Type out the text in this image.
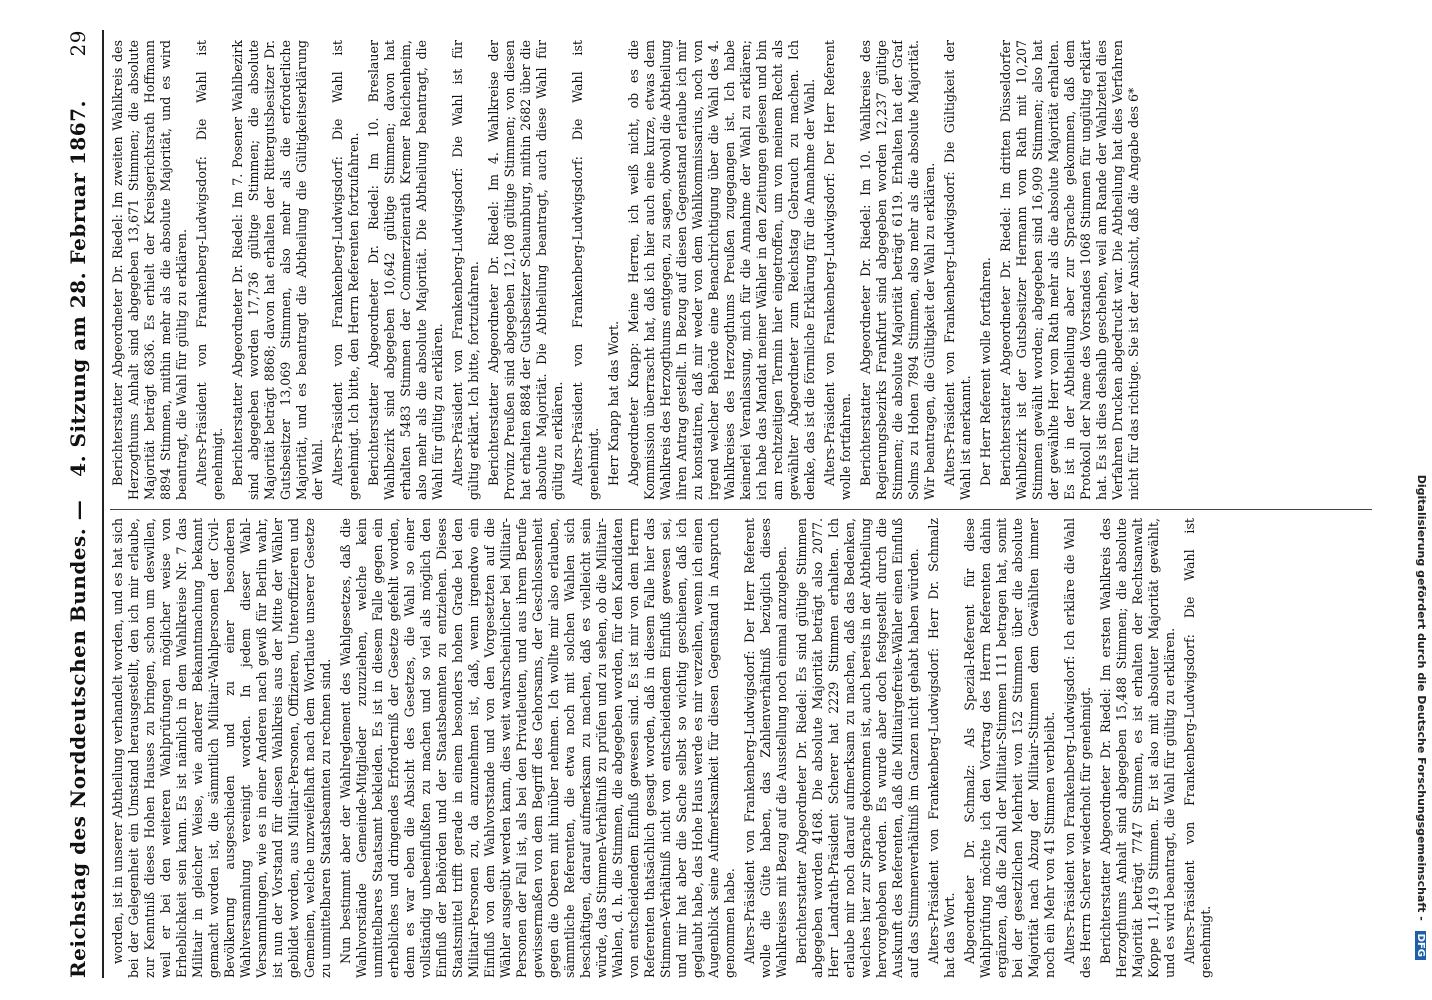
Reichstag des Norddeutschen Bundes. —
4. Sitzung am 28. Februar 1867.
29

worden, ist in unserer Abtheilung verhandelt worden, und es hat sich bei der Gelegenheit ein Umstand herausgestellt, den ich mir erlaube, zur Kenntniß dieses Hohen Hauses zu bringen, schon um deswillen, weil er bei den weiteren Wahlprüfungen möglicher weise von Erheblichkeit sein kann. Es ist nämlich in dem Wahlkreise Nr. 7 das Militair in gleicher Weise, wie anderer Bekanntmachung bekannt gemacht worden ist, die sämmtlich Militair-Wahlpersonen der Civil-Bevölkerung ausgeschieden und zu einer besonderen Wahlversammlung vereinigt worden. In jedem dieser Wahl-Versammlungen, wie es in einer Anderen nach gewiß für Berlin wahr, ist nun der Vorstand für diesen Wahlkreis aus der Mitte der Wähler gebildet worden, aus Militair-Personen, Offizieren, Unteroffizieren und Gemeinen, welche unzweifelhaft nach dem Wortlaute unserer Gesetze zu unmittelbaren Staatsbeamten zu rechnen sind. Nun bestimmt aber der Wahlreglement des Wahlgesetzes, daß die Wahlvorstände Gemeinde-Mitglieder zuzuziehen, welche kein unmittelbares Staatsamt bekleiden. Es ist in diesem Falle gegen ein erhebliches und dringendes Erforderniß der Gesetze gefehlt worden, denn es war eben die Absicht des Gesetzes, die Wahl so einer vollständig unbeeinflußten zu machen und so viel als möglich den Einfluß der Behörden und der Staatsbeamten zu entziehen. Dieses Staatsmittel trifft gerade in einem besonders hohen Grade bei den Militair-Personen zu, da anzunehmen ist, daß, wenn irgendwo ein Einfluß von dem Wahlvorstande und von den Vorgesetzten auf die Wähler ausgeübt werden kann, dies weit wahrscheinlicher bei Militair-Personen der Fall ist, als bei den Privatleuten, und aus ihrem Berufe gewissermaßen von dem Begriff des Gehorsams, der Geschlossenheit gegen die Oberen mit hinüber nehmen. Ich wollte mir also erlauben, sämmtliche Referenten, die etwa noch mit solchen Wahlen sich beschäftigen, darauf aufmerksam zu machen, daß es vielleicht sein würde, das Stimmen-Verhältniß zu prüfen und zu sehen, ob die Militair-Wahlen, d. h. die Stimmen, die abgegeben worden, für den Kandidaten von entscheidendem Einfluß gewesen sind. Es ist mir von dem Herrn Referenten thatsächlich gesagt worden, daß in diesem Falle hier das Stimmen-Verhältniß nicht von entscheidendem Einfluß gewesen sei, und mir hat aber die Sache selbst so wichtig geschienen, daß ich geglaubt habe, das Hohe Haus werde es mir verzeihen, wenn ich einen Augenblick seine Aufmerksamkeit für diesen Gegenstand in Anspruch genommen habe. Alters-Präsident von Frankenberg-Ludwigsdorf: Der Herr Referent wolle die Güte haben, das Zahlenverhältniß bezüglich dieses Wahlkreises mit Bezug auf die Ausstellung noch einmal anzugeben. Berichterstatter Abgeordneter Dr. Riedel: Es sind gültige Stimmen abgegeben worden 4168. Die absolute Majorität beträgt also 2077. Herr Landrath-Präsident Scherer hat 2229 Stimmen erhalten. Ich erlaube mir noch darauf aufmerksam zu machen, daß das Bedenken, welches hier zur Sprache gekommen ist, auch bereits in der Abtheilung hervorgehoben worden. Es wurde aber doch festgestellt durch die Auskunft des Referenten, daß die Militairgefreite-Wähler einen Einfluß auf das Stimmenverhältniß im Ganzen nicht gehabt haben würden. Alters-Präsident von Frankenberg-Ludwigsdorf: Herr Dr. Schmalz hat das Wort. Abgeordneter Dr. Schmalz: Als Spezial-Referent für diese Wahlprüfung möchte ich den Vortrag des Herrn Referenten dahin ergänzen, daß die Zahl der Militair-Stimmen 111 betragen hat, somit bei der gesetzlichen Mehrheit von 152 Stimmen über die absolute Majorität nach Abzug der Militair-Stimmen dem Gewählten immer noch ein Mehr von 41 Stimmen verbleibt. Alters-Präsident von Frankenberg-Ludwigsdorf: Ich erkläre die Wahl des Herrn Scherer wiederholt für genehmigt. Berichterstatter Abgeordneter Dr. Riedel: Im ersten Wahlkreis des Herzogthums Anhalt sind abgegeben 15,488 Stimmen; die absolute Majorität beträgt 7747 Stimmen, es ist erhalten der Rechtsanwalt Koppe 11,419 Stimmen. Er ist also mit absoluter Majorität gewählt, und es wird beantragt, die Wahl für gültig zu erklären. Alters-Präsident von Frankenberg-Ludwigsdorf: Die Wahl ist genehmigt.

Berichterstatter Abgeordneter Dr. Riedel: Im zweiten Wahlkreis des Herzogthums Anhalt sind abgegeben 13,671 Stimmen; die absolute Majorität beträgt 6836. Es erhielt der Kreisgerichtsrath Hoffmann 8894 Stimmen, mithin mehr als die absolute Majorität, und es wird beantragt, die Wahl für gültig zu erklären. Alters-Präsident von Frankenberg-Ludwigsdorf: Die Wahl ist genehmigt. Berichterstatter Abgeordneter Dr. Riedel: Im 7. Posener Wahlbezirk sind abgegeben worden 17,736 gültige Stimmen; die absolute Majorität beträgt 8868; davon hat erhalten der Rittergutsbesitzer Dr. Gutsbesitzer 13,069 Stimmen, also mehr als die erforderliche Majorität, und es beantragt die Abtheilung die Gültigkeitserklärung der Wahl. Alters-Präsident von Frankenberg-Ludwigsdorf: Die Wahl ist genehmigt. Ich bitte, den Herrn Referenten fortzufahren. Berichterstatter Abgeordneter Dr. Riedel: Im 10. Breslauer Wahlbezirk sind abgegeben 10,642 gültige Stimmen; davon hat erhalten 5483 Stimmen der Commerzienrath Kremer Reichenheim, also mehr als die absolute Majorität. Die Abtheilung beantragt, die Wahl für gültig zu erklären. Alters-Präsident von Frankenberg-Ludwigsdorf: Die Wahl ist für gültig erklärt. Ich bitte, fortzufahren. Berichterstatter Abgeordneter Dr. Riedel: Im 4. Wahlkreise der Provinz Preußen sind abgegeben 12,108 gültige Stimmen; von diesen hat erhalten 8884 der Gutsbesitzer Schaumburg, mithin 2682 über die absolute Majorität. Die Abtheilung beantragt, auch diese Wahl für gültig zu erklären. Alters-Präsident von Frankenberg-Ludwigsdorf: Die Wahl ist genehmigt. Herr Knapp hat das Wort. Abgeordneter Knapp: Meine Herren, ich weiß nicht, ob es die Kommission überrascht hat, daß ich hier auch eine kurze, etwas dem Wahlkreis des Herzogthums entgegen, zu sagen, obwohl die Abtheilung ihren Antrag gestellt. In Bezug auf diesen Gegenstand erlaube ich mir zu konstatiren, daß mir weder von dem Wahlkommissarius, noch von irgend welcher Behörde eine Benachrichtigung über die Wahl des 4. Wahlkreises des Herzogthums Preußen zugegangen ist. Ich habe keinerlei Veranlassung, mich für die Annahme der Wahl zu erklären; ich habe das Mandat meiner Wähler in den Zeitungen gelesen und bin am rechtzeitigen Termin hier eingetroffen, um von meinem Recht als gewählter Abgeordneter zum Reichstag Gebrauch zu machen. Ich denke, das ist die förmliche Erklärung für die Annahme der Wahl. Alters-Präsident von Frankenberg-Ludwigsdorf: Der Herr Referent wolle fortfahren. Berichterstatter Abgeordneter Dr. Riedel: Im 10. Wahlkreise des Regierungsbezirks Frankfurt sind abgegeben worden 12,237 gültige Stimmen; die absolute Majorität beträgt 6119. Erhalten hat der Graf Solms zu Hohen 7894 Stimmen, also mehr als die absolute Majorität. Wir beantragen, die Gültigkeit der Wahl zu erklären. Alters-Präsident von Frankenberg-Ludwigsdorf: Die Gültigkeit der Wahl ist anerkannt. Der Herr Referent wolle fortfahren. Berichterstatter Abgeordneter Dr. Riedel: Im dritten Düsseldorfer Wahlbezirk ist der Gutsbesitzer Hermann vom Rath mit 10,207 Stimmen gewählt worden; abgegeben sind 16,909 Stimmen; also hat der gewählte Herr vom Rath mehr als die absolute Majorität erhalten. Es ist in der Abtheilung aber zur Sprache gekommen, daß dem Protokoll der Name des Vorstandes 1068 Stimmen für ungültig erklärt hat. Es ist dies deshalb geschehen, weil am Rande der Wahlzettel dies Verfahren Drucken abgedruckt war. Die Abtheilung hat dies Verfahren nicht für das richtige. Sie ist der Ansicht, daß die Angabe des 6*

Digitalisierung gefördert durch die Deutsche Forschungsgemeinschaft - DFG
